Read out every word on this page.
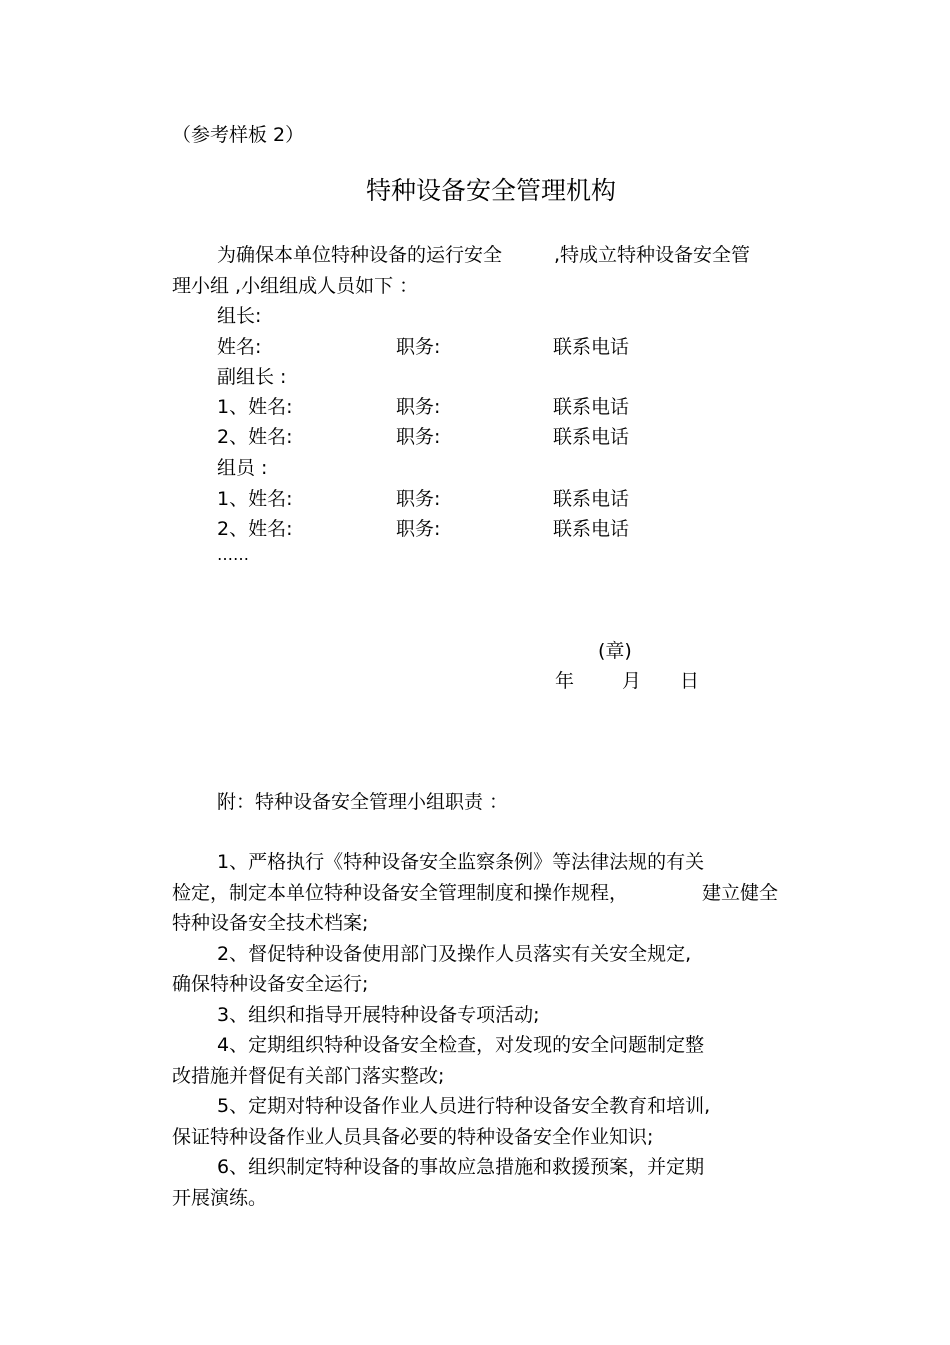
（参考样板 2）
特种设备安全管理机构
为确保本单位特种设备的运行安全	,特成立特种设备安全管
理小组 ,小组组成人员如下 ：
组长:
姓名:	职务:	联系电话
副组长 :
1、姓名:	职务:	联系电话
2、姓名:	职务:	联系电话
组员 :
1、姓名:	职务:	联系电话
2、姓名:	职务:	联系电话
……
(章)
年	月 日
附：特种设备安全管理小组职责 ：
1、严格执行《特种设备安全监察条例》等法律法规的有关
检定，制定本单位特种设备安全管理制度和操作规程，	建立健全
特种设备安全技术档案;
2、督促特种设备使用部门及操作人员落实有关安全规定,
确保特种设备安全运行;
3、组织和指导开展特种设备专项活动;
4、定期组织特种设备安全检查，对发现的安全问题制定整
改措施并督促有关部门落实整改;
5、定期对特种设备作业人员进行特种设备安全教育和培训,
保证特种设备作业人员具备必要的特种设备安全作业知识;
6、组织制定特种设备的事故应急措施和救援预案，并定期
开展演练。
